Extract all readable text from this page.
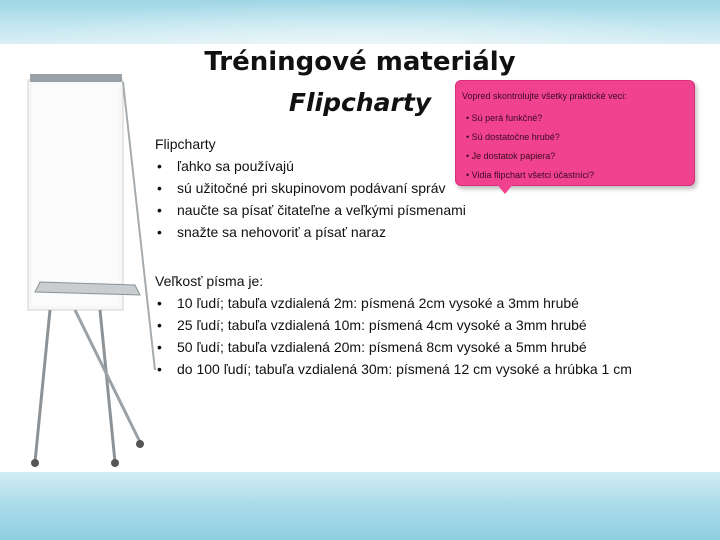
Tréningové materiály
Flipcharty	Vopred skontrolujte všetky praktické veci:

• Sú perá funkčné?
• Sú dostatočne hrubé?
• Je dostatok papiera?
• Vidia flipchart všetci účastníci?

Flipcharty

• ľahko sa používajú
• sú užitočné pri skupinovom podávaní správ
• naučte sa písať čitateľne a veľkými písmenami
• snažte sa nehovoriť a písať naraz

Veľkosť písma je:

• 10 ľudí; tabuľa vzdialená 2m: písmená 2cm vysoké a 3mm hrubé
• 25 ľudí; tabuľa vzdialená 10m: písmená 4cm vysoké a 3mm hrubé
• 50 ľudí; tabuľa vzdialená 20m: písmená 8cm vysoké a 5mm hrubé
• do 100 ľudí; tabuľa vzdialená 30m: písmená 12 cm vysoké a hrúbka 1 cm
